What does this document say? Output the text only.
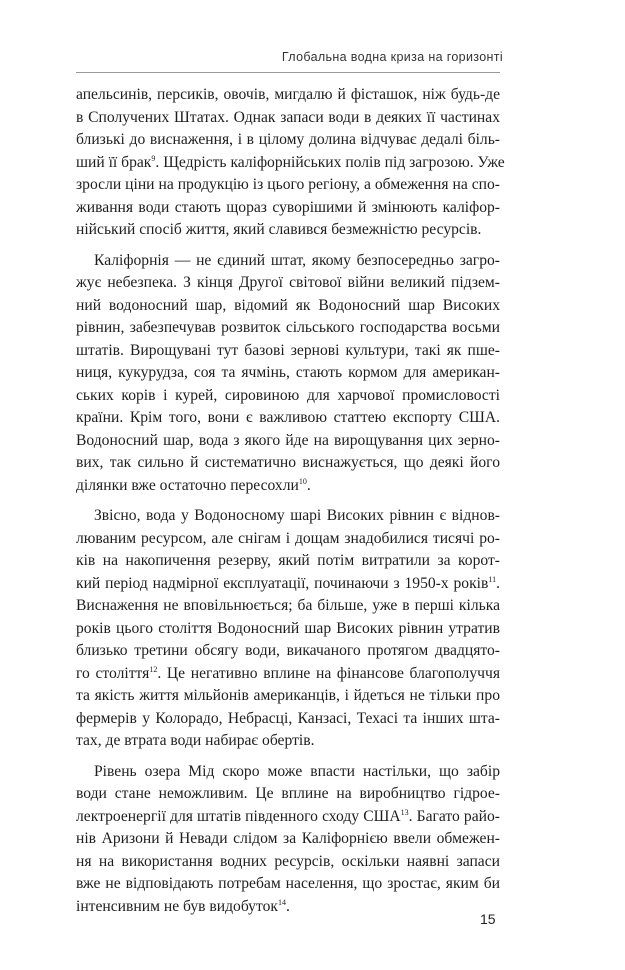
Глобальна водна криза на горизонті
апельсинів, персиків, овочів, мигдалю й фісташок, ніж будь-де
в Сполучених Штатах. Однак запаси води в деяких її частинах
близькі до виснаження, і в цілому долина відчуває дедалі біль-
ший її брак$^9$. Щедрість каліфорнійських полів під загрозою. Уже
зросли ціни на продукцію із цього регіону, а обмеження на спо-
живання води стають щораз суворішими й змінюють каліфор-
нійський спосіб життя, який славився безмежністю ресурсів.
Каліфорнія — не єдиний штат, якому безпосередньо загро-
жує небезпека. З кінця Другої світової війни великий підзем-
ний водоносний шар, відомий як Водоносний шар Високих
рівнин, забезпечував розвиток сільського господарства восьми
штатів. Вирощувані тут базові зернові культури, такі як пше-
ниця, кукурудза, соя та ячмінь, стають кормом для американ-
ських корів і курей, сировиною для харчової промисловості
країни. Крім того, вони є важливою статтею експорту США.
Водоносний шар, вода з якого йде на вирощування цих зерно-
вих, так сильно й систематично виснажується, що деякі його
ділянки вже остаточно пересохли$^{10}$.
Звісно, вода у Водоносному шарі Високих рівнин є віднов-
люваним ресурсом, але снігам і дощам знадобилися тисячі ро-
ків на накопичення резерву, який потім витратили за корот-
кий період надмірної експлуатації, починаючи з 1950-х років$^{11}$.
Виснаження не вповільнюється; ба більше, уже в перші кілька
років цього століття Водоносний шар Високих рівнин утратив
близько третини обсягу води, викачаного протягом двадцято-
го століття$^{12}$. Це негативно вплине на фінансове благополуччя
та якість життя мільйонів американців, і йдеться не тільки про
фермерів у Колорадо, Небрасці, Канзасі, Техасі та інших шта-
тах, де втрата води набирає обертів.
Рівень озера Мід скоро може впасти настільки, що забір
води стане неможливим. Це вплине на виробництво гідрое-
лектроенергії для штатів південного сходу США$^{13}$. Багато райо-
нів Аризони й Невади слідом за Каліфорнією ввели обмежен-
ня на використання водних ресурсів, оскільки наявні запаси
вже не відповідають потребам населення, що зростає, яким би
інтенсивним не був видобуток$^{14}$.
15
